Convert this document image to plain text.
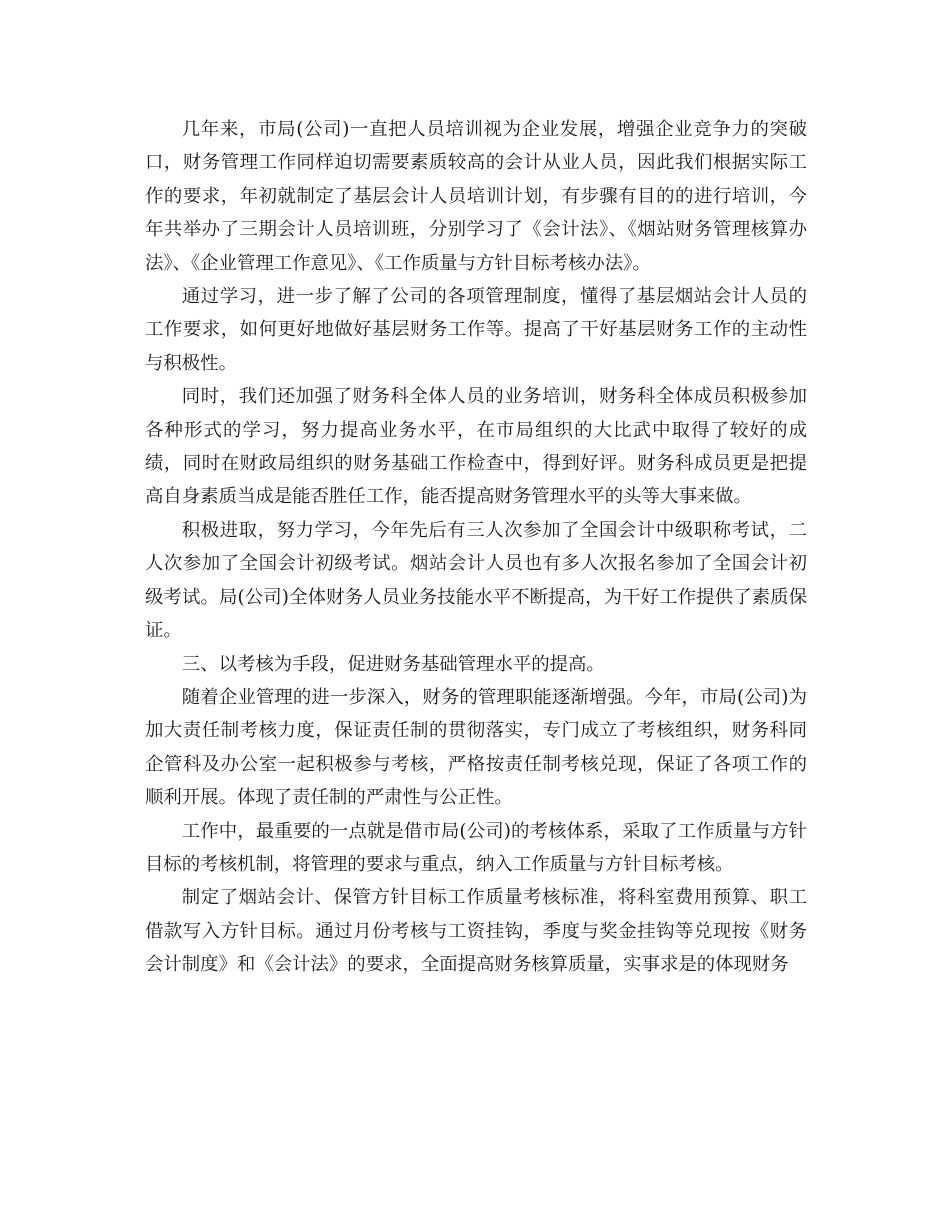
几年来，市局(公司)一直把人员培训视为企业发展，增强企业竞争力的突破口，财务管理工作同样迫切需要素质较高的会计从业人员，因此我们根据实际工作的要求，年初就制定了基层会计人员培训计划，有步骤有目的的进行培训，今年共举办了三期会计人员培训班，分别学习了《会计法》、《烟站财务管理核算办法》、《企业管理工作意见》、《工作质量与方针目标考核办法》。

通过学习，进一步了解了公司的各项管理制度，懂得了基层烟站会计人员的工作要求，如何更好地做好基层财务工作等。提高了干好基层财务工作的主动性与积极性。

同时，我们还加强了财务科全体人员的业务培训，财务科全体成员积极参加各种形式的学习，努力提高业务水平，在市局组织的大比武中取得了较好的成绩，同时在财政局组织的财务基础工作检查中，得到好评。财务科成员更是把提高自身素质当成是能否胜任工作，能否提高财务管理水平的头等大事来做。

积极进取，努力学习，今年先后有三人次参加了全国会计中级职称考试，二人次参加了全国会计初级考试。烟站会计人员也有多人次报名参加了全国会计初级考试。局(公司)全体财务人员业务技能水平不断提高，为干好工作提供了素质保证。

三、以考核为手段，促进财务基础管理水平的提高。

随着企业管理的进一步深入，财务的管理职能逐渐增强。今年，市局(公司)为加大责任制考核力度，保证责任制的贯彻落实，专门成立了考核组织，财务科同企管科及办公室一起积极参与考核，严格按责任制考核兑现，保证了各项工作的顺利开展。体现了责任制的严肃性与公正性。

工作中，最重要的一点就是借市局(公司)的考核体系，采取了工作质量与方针目标的考核机制，将管理的要求与重点，纳入工作质量与方针目标考核。

制定了烟站会计、保管方针目标工作质量考核标准，将科室费用预算、职工借款写入方针目标。通过月份考核与工资挂钩，季度与奖金挂钩等兑现按《财务会计制度》和《会计法》的要求，全面提高财务核算质量，实事求是的体现财务
